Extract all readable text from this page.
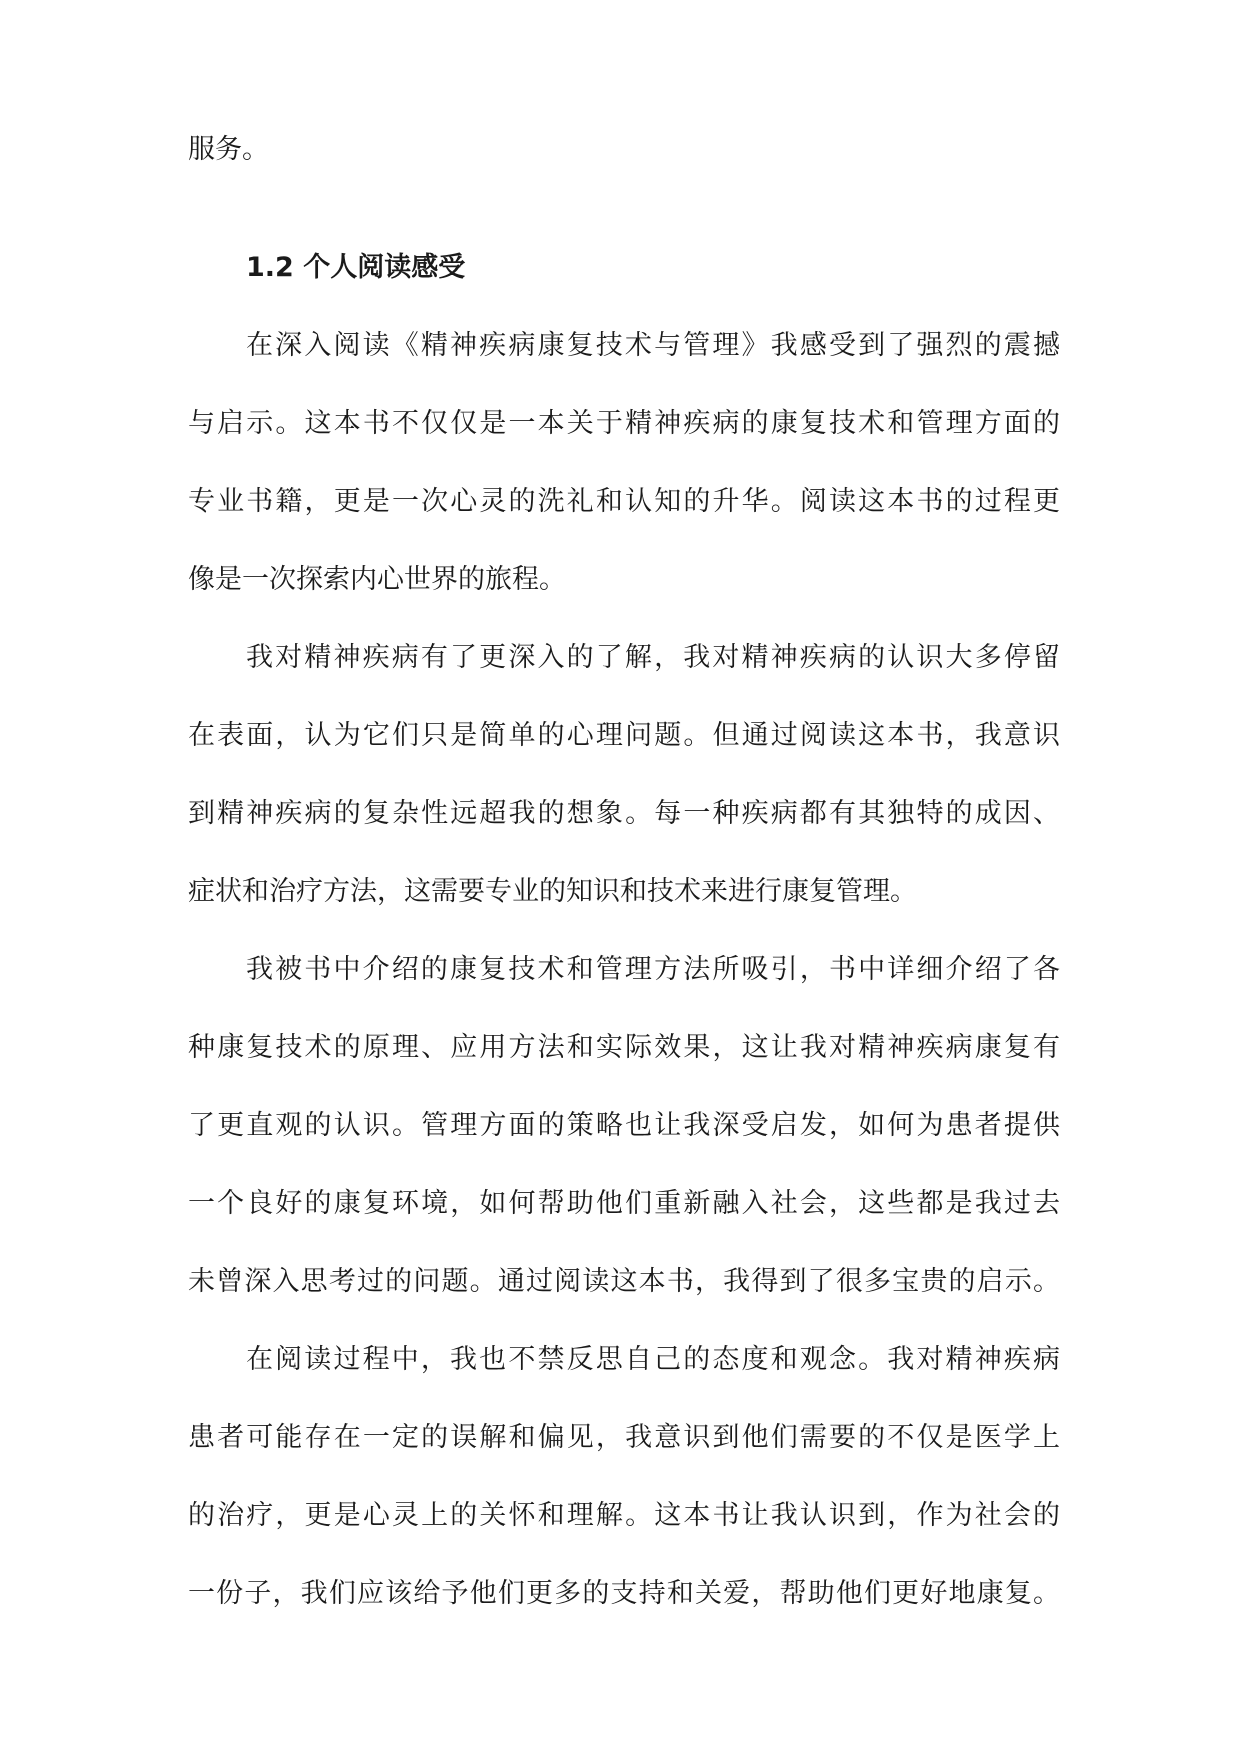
服务。
1.2 个人阅读感受
在深入阅读《精神疾病康复技术与管理》我感受到了强烈的震撼
与启示。这本书不仅仅是一本关于精神疾病的康复技术和管理方面的
专业书籍，更是一次心灵的洗礼和认知的升华。阅读这本书的过程更
像是一次探索内心世界的旅程。
我对精神疾病有了更深入的了解，我对精神疾病的认识大多停留
在表面，认为它们只是简单的心理问题。但通过阅读这本书，我意识
到精神疾病的复杂性远超我的想象。每一种疾病都有其独特的成因、
症状和治疗方法，这需要专业的知识和技术来进行康复管理。
我被书中介绍的康复技术和管理方法所吸引，书中详细介绍了各
种康复技术的原理、应用方法和实际效果，这让我对精神疾病康复有
了更直观的认识。管理方面的策略也让我深受启发，如何为患者提供
一个良好的康复环境，如何帮助他们重新融入社会，这些都是我过去
未曾深入思考过的问题。通过阅读这本书，我得到了很多宝贵的启示。
在阅读过程中，我也不禁反思自己的态度和观念。我对精神疾病
患者可能存在一定的误解和偏见，我意识到他们需要的不仅是医学上
的治疗，更是心灵上的关怀和理解。这本书让我认识到，作为社会的
一份子，我们应该给予他们更多的支持和关爱，帮助他们更好地康复。
